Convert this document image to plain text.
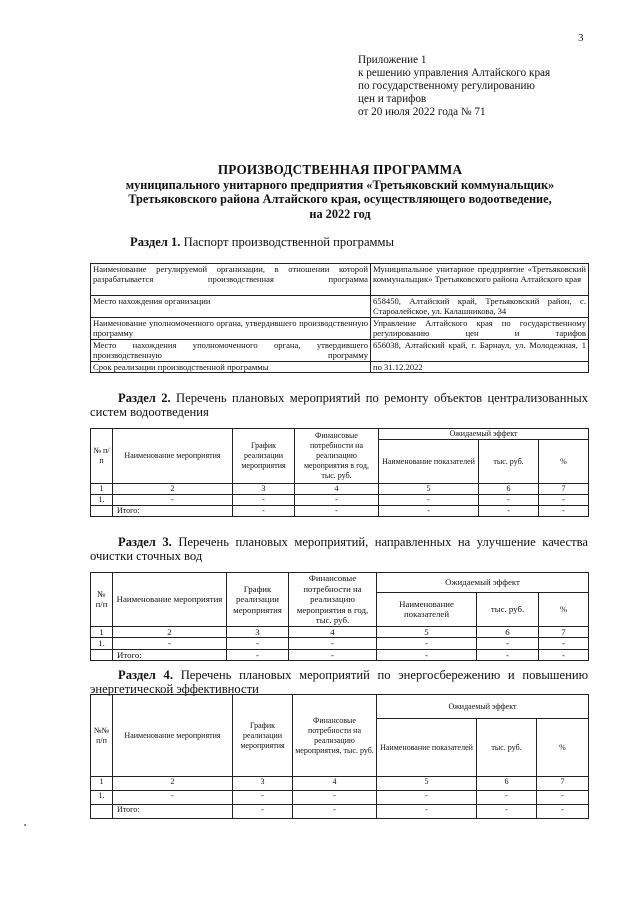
3
Приложение 1
к решению управления Алтайского края
по государственному регулированию
цен и тарифов
от 20 июля 2022 года № 71
ПРОИЗВОДСТВЕННАЯ ПРОГРАММА
муниципального унитарного предприятия «Третьяковский коммунальщик»
Третьяковского района Алтайского края, осуществляющего водоотведение,
на 2022 год
Раздел 1. Паспорт производственной программы
Наименование регулируемой организации, в отношении которой разрабатывается производственная программа	Муниципальное унитарное предприятие «Третьяковский коммунальщик» Третьяковского района Алтайского края
Место нахождения организации	658450, Алтайский край, Третьяковский район, с. Староалейское, ул. Калашникова, 34
Наименование уполномоченного органа, утвердившего производственную программу	Управление Алтайского края по государственному регулированию цен и тарифов
Место нахождения уполномоченного органа, утвердившего производственную программу	656038, Алтайский край, г. Барнаул, ул. Молодежная, 1
Срок реализации производственной программы	по 31.12.2022
Раздел 2. Перечень плановых мероприятий по ремонту объектов централизованных систем водоотведения
№ п/п	Наименование мероприятия	График реализации мероприятия	Финансовые потребности на реализацию мероприятия в год, тыс. руб.	Ожидаемый эффект		
				Наименование показателей	тыс. руб.	%
1	2	3	4	5	6	7
1.	-	-	-	-	-	-
	Итого:	-	-	-	-	-
Раздел 3. Перечень плановых мероприятий, направленных на улучшение качества очистки сточных вод
№ п/п	Наименование мероприятия	График реализации мероприятия	Финансовые потребности на реализацию мероприятия в год, тыс. руб.	Ожидаемый эффект		
				Наименование показателей	тыс. руб.	%
1	2	3	4	5	6	7
1.	-	-	-	-	-	-
	Итого:	-	-	-	-	-
Раздел 4. Перечень плановых мероприятий по энергосбережению и повышению энергетической эффективности
№№ п/п	Наименование мероприятия	График реализации мероприятия	Финансовые потребности на реализацию мероприятия, тыс. руб.	Ожидаемый эффект		
				Наименование показателей	тыс. руб.	%
1	2	3	4	5	6	7
1.	-	-	-	-	-	-
	Итого:	-	-	-	-	-
